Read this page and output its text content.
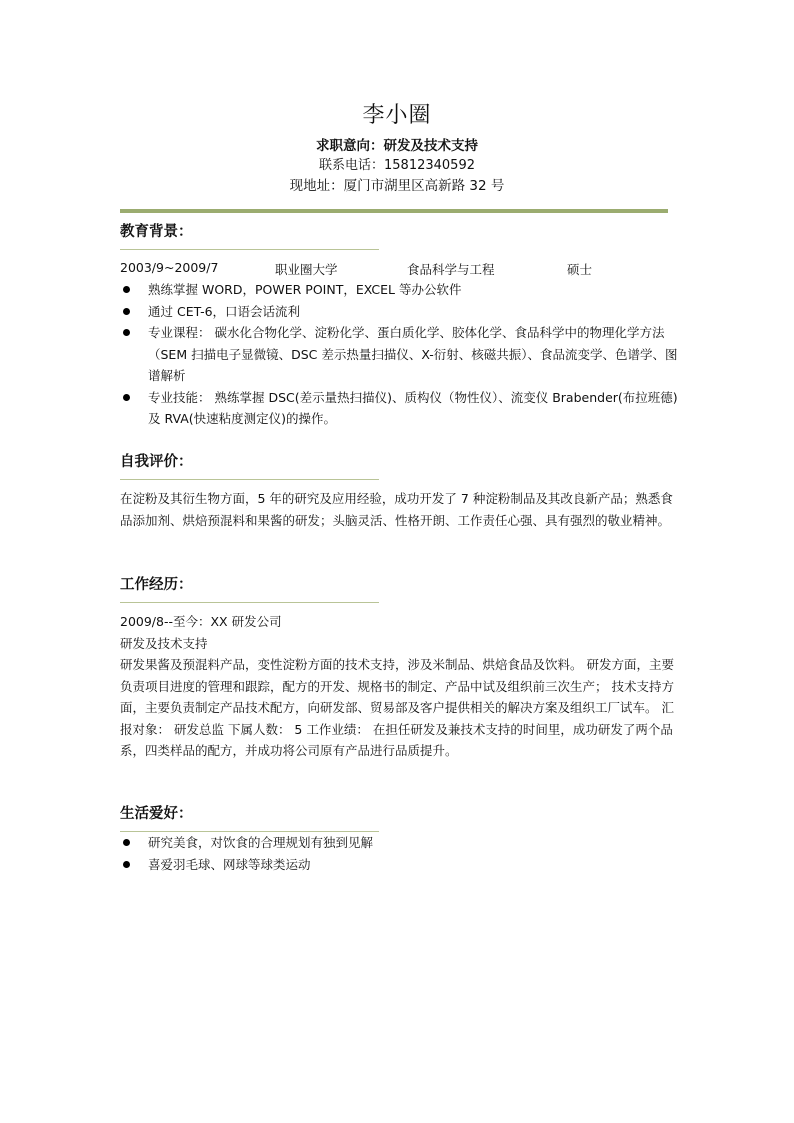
李小圈
求职意向：研发及技术支持
联系电话：15812340592
现地址：厦门市湖里区高新路 32 号
教育背景：
2003/9~2009/7	职业圈大学	食品科学与工程	硕士
熟练掌握 WORD，POWER POINT，EXCEL 等办公软件
通过 CET-6，口语会话流利
专业课程： 碳水化合物化学、淀粉化学、蛋白质化学、胶体化学、食品科学中的物理化学方法（SEM 扫描电子显微镜、DSC 差示热量扫描仪、X-衍射、核磁共振）、食品流变学、色谱学、图谱解析
专业技能： 熟练掌握 DSC(差示量热扫描仪)、质构仪（物性仪）、流变仪 Brabender(布拉班德)及 RVA(快速粘度测定仪)的操作。
自我评价：

在淀粉及其衍生物方面，5 年的研究及应用经验，成功开发了 7 种淀粉制品及其改良新产品；熟悉食品添加剂、烘焙预混料和果酱的研发；头脑灵活、性格开朗、工作责任心强、具有强烈的敬业精神。

工作经历：

2009/8--至今：XX 研发公司

研发及技术支持

研发果酱及预混料产品，变性淀粉方面的技术支持，涉及米制品、烘焙食品及饮料。 研发方面，主要负责项目进度的管理和跟踪，配方的开发、规格书的制定、产品中试及组织前三次生产； 技术支持方面，主要负责制定产品技术配方，向研发部、贸易部及客户提供相关的解决方案及组织工厂试车。 汇报对象： 研发总监 下属人数： 5 工作业绩： 在担任研发及兼技术支持的时间里，成功研发了两个品系，四类样品的配方，并成功将公司原有产品进行品质提升。

生活爱好：
研究美食，对饮食的合理规划有独到见解
喜爱羽毛球、网球等球类运动
